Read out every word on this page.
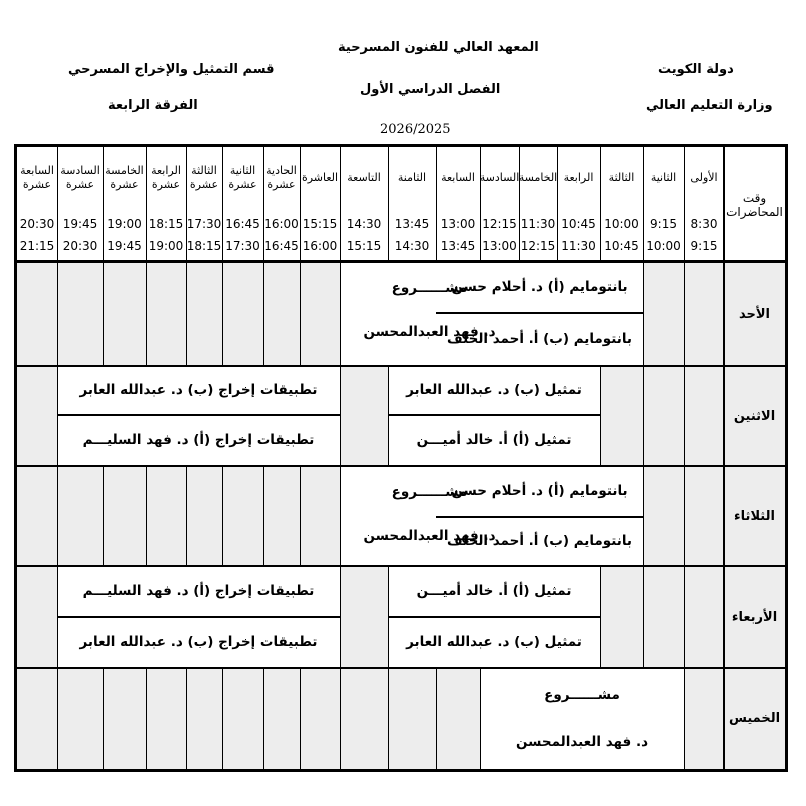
دولة الكويت
وزارة التعليم العالي
المعهد العالي للفنون المسرحية
الفصل الدراسي الأول
2026/2025
قسم التمثيل والإخراج المسرحي
الفرقة الرابعة
وقت المحاضرات
الأولى
8:30
9:15
الثانية
9:15
10:00
الثالثة
10:00
10:45
الرابعة
10:45
11:30
الخامسة
11:30
12:15
السادسة
12:15
13:00
السابعة
13:00
13:45
الثامنة
13:45
14:30
التاسعة
14:30
15:15
العاشرة
15:15
16:00
الحادية عشرة
16:00
16:45
الثانية عشرة
16:45
17:30
الثالثة عشرة
17:30
18:15
الرابعة عشرة
18:15
19:00
الخامسة عشرة
19:00
19:45
السادسة عشرة
19:45
20:30
السابعة عشرة
20:30
21:15
الأحد
الاثنين
الثلاثاء
الأربعاء
الخميس
بانتومايم (أ) د. أحلام حسن
بانتومايم (ب) أ. أحمد الخلف
مشــــــروع
د. فهد العبدالمحسن
تمثيل (ب) د. عبدالله العابر
تمثيل (أ) أ. خالد أميـــن
تطبيقات إخراج (ب) د. عبدالله العابر
تطبيقات إخراج (أ) د. فهد السليـــم
بانتومايم (أ) د. أحلام حسن
بانتومايم (ب) أ. أحمد الخلف
مشــــــروع
د. فهد العبدالمحسن
تمثيل (أ) أ. خالد أميـــن
تمثيل (ب) د. عبدالله العابر
تطبيقات إخراج (أ) د. فهد السليـــم
تطبيقات إخراج (ب) د. عبدالله العابر
مشــــــروع
د. فهد العبدالمحسن
